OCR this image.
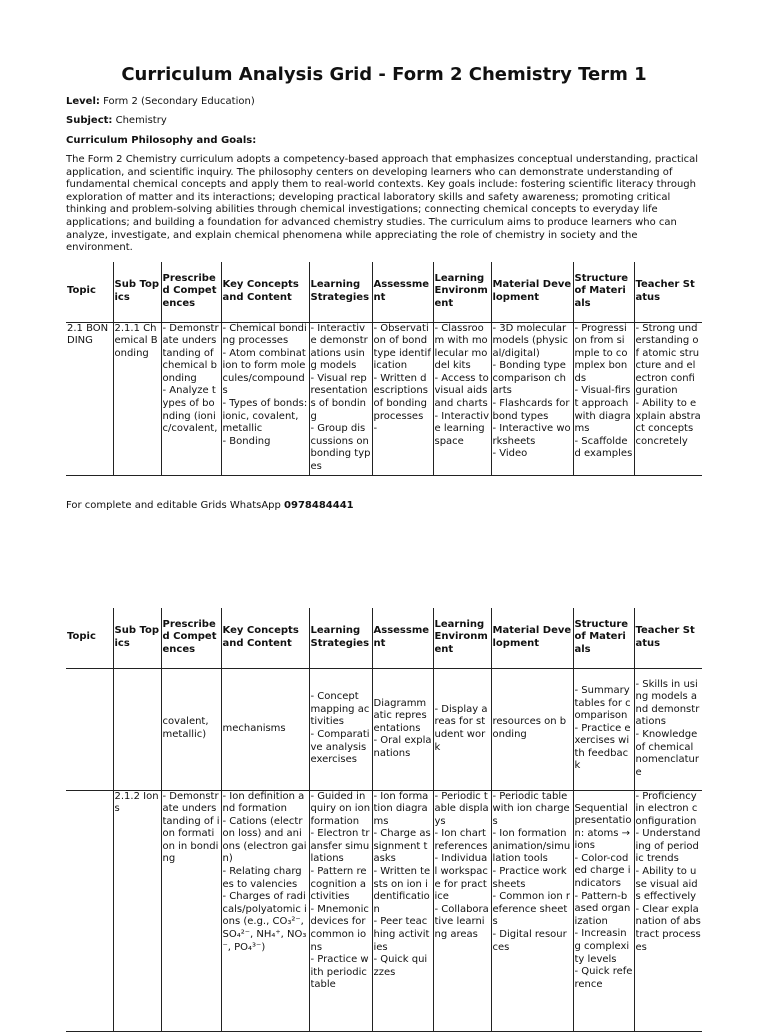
Curriculum Analysis Grid - Form 2 Chemistry Term 1
Level: Form 2 (Secondary Education)
Subject: Chemistry
Curriculum Philosophy and Goals:
The Form 2 Chemistry curriculum adopts a competency-based approach that emphasizes conceptual understanding, practical application, and scientific inquiry. The philosophy centers on developing learners who can demonstrate understanding of fundamental chemical concepts and apply them to real-world contexts. Key goals include: fostering scientific literacy through exploration of matter and its interactions; developing practical laboratory skills and safety awareness; promoting critical thinking and problem-solving abilities through chemical investigations; connecting chemical concepts to everyday life applications; and building a foundation for advanced chemistry studies. The curriculum aims to produce learners who can analyze, investigate, and explain chemical phenomena while appreciating the role of chemistry in society and the environment.
Topic	Sub Topics	Prescribed Competences	Key Concepts and Content	Learning Strategies	Assessment	Learning Environment	Material Development	Structure of Materials	Teacher Status

2.1 BONDING	2.1.1 Chemical Bonding	- Demonstrate understanding of chemical bonding
- Analyze types of bonding (ionic/covalent,	- Chemical bonding processes
- Atom combination to form molecules/compounds
- Types of bonds: ionic, covalent, metallic
- Bonding	- Interactive demonstrations using models
- Visual representations of bonding
- Group discussions on bonding types	- Observation of bond type identification
- Written descriptions of bonding processes
-	- Classroom with molecular model kits
- Access to visual aids and charts
- Interactive learning space	- 3D molecular models (physical/digital)
- Bonding type comparison charts
- Flashcards for bond types
- Interactive worksheets
- Video	- Progression from simple to complex bonds
- Visual-first approach with diagrams
- Scaffolded examples	- Strong understanding of atomic structure and electron configuration
- Ability to explain abstract concepts concretely
For complete and editable Grids WhatsApp 0978484441
Topic	Sub Topics	Prescribed Competences	Key Concepts and Content	Learning Strategies	Assessment	Learning Environment	Material Development	Structure of Materials	Teacher Status

		covalent, metallic)	mechanisms	- Concept mapping activities
- Comparative analysis exercises	Diagrammatic representations
- Oral explanations	- Display areas for student work	resources on bonding	- Summary tables for comparison
- Practice exercises with feedback	- Skills in using models and demonstrations
- Knowledge of chemical nomenclature

	2.1.2 Ions	- Demonstrate understanding of ion formation in bonding	- Ion definition and formation
- Cations (electron loss) and anions (electron gain)
- Relating charges to valencies
- Charges of radicals/polyatomic ions (e.g., CO₃²⁻, SO₄²⁻, NH₄⁺, NO₃⁻, PO₄³⁻)	- Guided inquiry on ion formation
- Electron transfer simulations
- Pattern recognition activities
- Mnemonic devices for common ions
- Practice with periodic table	- Ion formation diagrams
- Charge assignment tasks
- Written tests on ion identification
- Peer teaching activities
- Quick quizzes	- Periodic table displays
- Ion chart references
- Individual workspace for practice
- Collaborative learning areas	- Periodic table with ion charges
- Ion formation animation/simulation tools
- Practice worksheets
- Common ion reference sheets
- Digital resources	Sequential presentation: atoms → ions
- Color-coded charge indicators
- Pattern-based organization
- Increasing complexity levels
- Quick reference	- Proficiency in electron configuration
- Understanding of periodic trends
- Ability to use visual aids effectively
- Clear explanation of abstract processes
